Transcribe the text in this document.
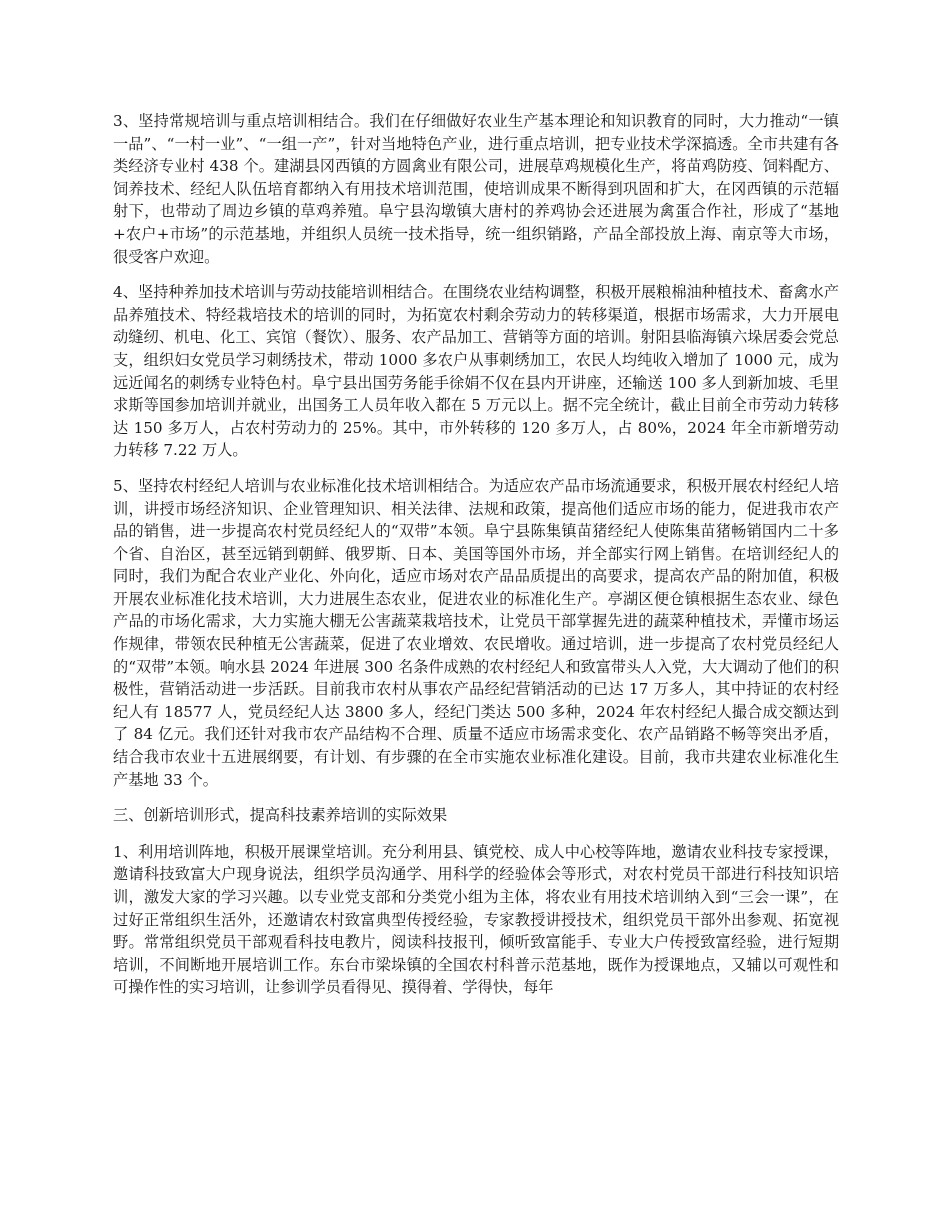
3、坚持常规培训与重点培训相结合。我们在仔细做好农业生产基本理论和知识教育的同时，大力推动“一镇一品”、“一村一业”、“一组一产”，针对当地特色产业，进行重点培训，把专业技术学深搞透。全市共建有各类经济专业村 438 个。建湖县冈西镇的方圆禽业有限公司，进展草鸡规模化生产，将苗鸡防疫、饲料配方、饲养技术、经纪人队伍培育都纳入有用技术培训范围，使培训成果不断得到巩固和扩大，在冈西镇的示范辐射下，也带动了周边乡镇的草鸡养殖。阜宁县沟墩镇大唐村的养鸡协会还进展为禽蛋合作社，形成了“基地+农户+市场”的示范基地，并组织人员统一技术指导，统一组织销路，产品全部投放上海、南京等大市场，很受客户欢迎。

4、坚持种养加技术培训与劳动技能培训相结合。在围绕农业结构调整，积极开展粮棉油种植技术、畜禽水产品养殖技术、特经栽培技术的培训的同时，为拓宽农村剩余劳动力的转移渠道，根据市场需求，大力开展电动缝纫、机电、化工、宾馆（餐饮）、服务、农产品加工、营销等方面的培训。射阳县临海镇六垛居委会党总支，组织妇女党员学习刺绣技术，带动 1000 多农户从事刺绣加工，农民人均纯收入增加了 1000 元，成为远近闻名的刺绣专业特色村。阜宁县出国劳务能手徐娟不仅在县内开讲座，还输送 100 多人到新加坡、毛里求斯等国参加培训并就业，出国务工人员年收入都在 5 万元以上。据不完全统计，截止目前全市劳动力转移达 150 多万人，占农村劳动力的 25%。其中，市外转移的 120 多万人，占 80%，2024 年全市新增劳动力转移 7.22 万人。

5、坚持农村经纪人培训与农业标准化技术培训相结合。为适应农产品市场流通要求，积极开展农村经纪人培训，讲授市场经济知识、企业管理知识、相关法律、法规和政策，提高他们适应市场的能力，促进我市农产品的销售，进一步提高农村党员经纪人的“双带”本领。阜宁县陈集镇苗猪经纪人使陈集苗猪畅销国内二十多个省、自治区，甚至远销到朝鲜、俄罗斯、日本、美国等国外市场，并全部实行网上销售。在培训经纪人的同时，我们为配合农业产业化、外向化，适应市场对农产品品质提出的高要求，提高农产品的附加值，积极开展农业标准化技术培训，大力进展生态农业，促进农业的标准化生产。亭湖区便仓镇根据生态农业、绿色产品的市场化需求，大力实施大棚无公害蔬菜栽培技术，让党员干部掌握先进的蔬菜种植技术，弄懂市场运作规律，带领农民种植无公害蔬菜，促进了农业增效、农民增收。通过培训，进一步提高了农村党员经纪人的“双带”本领。响水县 2024 年进展 300 名条件成熟的农村经纪人和致富带头人入党，大大调动了他们的积极性，营销活动进一步活跃。目前我市农村从事农产品经纪营销活动的已达 17 万多人，其中持证的农村经纪人有 18577 人，党员经纪人达 3800 多人，经纪门类达 500 多种，2024 年农村经纪人撮合成交额达到了 84 亿元。我们还针对我市农产品结构不合理、质量不适应市场需求变化、农产品销路不畅等突出矛盾，结合我市农业十五进展纲要，有计划、有步骤的在全市实施农业标准化建设。目前，我市共建农业标准化生产基地 33 个。

三、创新培训形式，提高科技素养培训的实际效果

1、利用培训阵地，积极开展课堂培训。充分利用县、镇党校、成人中心校等阵地，邀请农业科技专家授课，邀请科技致富大户现身说法，组织学员沟通学、用科学的经验体会等形式，对农村党员干部进行科技知识培训，激发大家的学习兴趣。以专业党支部和分类党小组为主体，将农业有用技术培训纳入到“三会一课”，在过好正常组织生活外，还邀请农村致富典型传授经验，专家教授讲授技术，组织党员干部外出参观、拓宽视野。常常组织党员干部观看科技电教片，阅读科技报刊，倾听致富能手、专业大户传授致富经验，进行短期培训，不间断地开展培训工作。东台市梁垛镇的全国农村科普示范基地，既作为授课地点，又辅以可观性和可操作性的实习培训，让参训学员看得见、摸得着、学得快，每年
